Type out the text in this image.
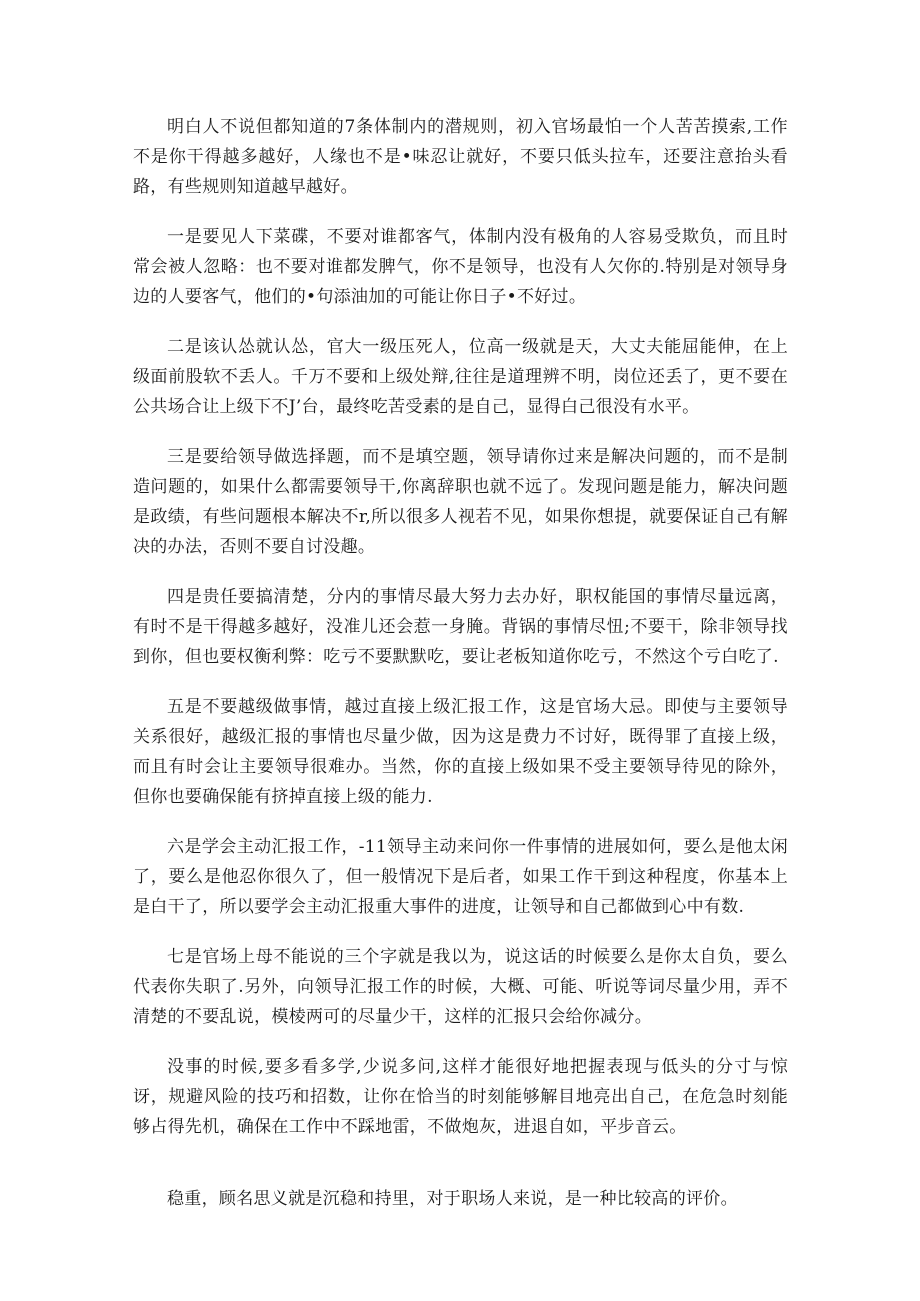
明白人不说但都知道的7条体制内的潜规则，初入官场最怕一个人苦苦摸索,工作不是你干得越多越好，人缘也不是•味忍让就好，不要只低头拉车，还要注意抬头看路，有些规则知道越早越好。

一是要见人下菜碟，不要对谁都客气，体制内没有极角的人容易受欺负，而且时常会被人忽略：也不要对谁都发脾气，你不是领导，也没有人欠你的.特别是对领导身边的人要客气，他们的•句添油加的可能让你日子•不好过。

二是该认怂就认怂，官大一级压死人，位高一级就是天，大丈夫能屈能伸，在上级面前股软不丢人。千万不要和上级处辩,往往是道理辨不明，岗位还丢了，更不要在公共场合让上级下不J’台，最终吃苦受素的是自己，显得白己很没有水平。

三是要给领导做选择题，而不是填空题，领导请你过来是解决问题的，而不是制造问题的，如果什么都需要领导干,你离辞职也就不远了。发现问题是能力，解决问题是政绩，有些问题根本解决不r,所以很多人视若不见，如果你想提，就要保证自己有解决的办法，否则不要自讨没趣。

四是贵任要搞清楚，分内的事情尽最大努力去办好，职权能国的事情尽量远离，有时不是干得越多越好，没准儿还会惹一身腌。背锅的事情尽忸;不要干，除非领导找到你，但也要权衡利弊：吃亏不要默默吃，要让老板知道你吃亏，不然这个亏白吃了.

五是不要越级做事情，越过直接上级汇报工作，这是官场大忌。即使与主要领导关系很好，越级汇报的事情也尽量少做，因为这是费力不讨好，既得罪了直接上级，而且有时会让主要领导很难办。当然，你的直接上级如果不受主要领导待见的除外，但你也要确保能有挤掉直接上级的能力.

六是学会主动汇报工作，-11领导主动来问你一件事情的进展如何，要么是他太闲了，要么是他忍你很久了，但一般情况下是后者，如果工作干到这种程度，你基本上是白干了，所以要学会主动汇报重大事件的进度，让领导和自己都做到心中有数.

七是官场上母不能说的三个字就是我以为，说这话的时候要么是你太自负，要么代表你失职了.另外，向领导汇报工作的时候，大概、可能、听说等词尽量少用，弄不清楚的不要乱说，模棱两可的尽量少干，这样的汇报只会给你减分。

没事的时候,要多看多学,少说多问,这样才能很好地把握表现与低头的分寸与惊讶，规避风险的技巧和招数，让你在恰当的时刻能够解目地亮出自己，在危急时刻能够占得先机，确保在工作中不踩地雷，不做炮灰，进退自如，平步音云。

稳重，顾名思义就是沉稳和持里，对于职场人来说，是一种比较高的评价。
